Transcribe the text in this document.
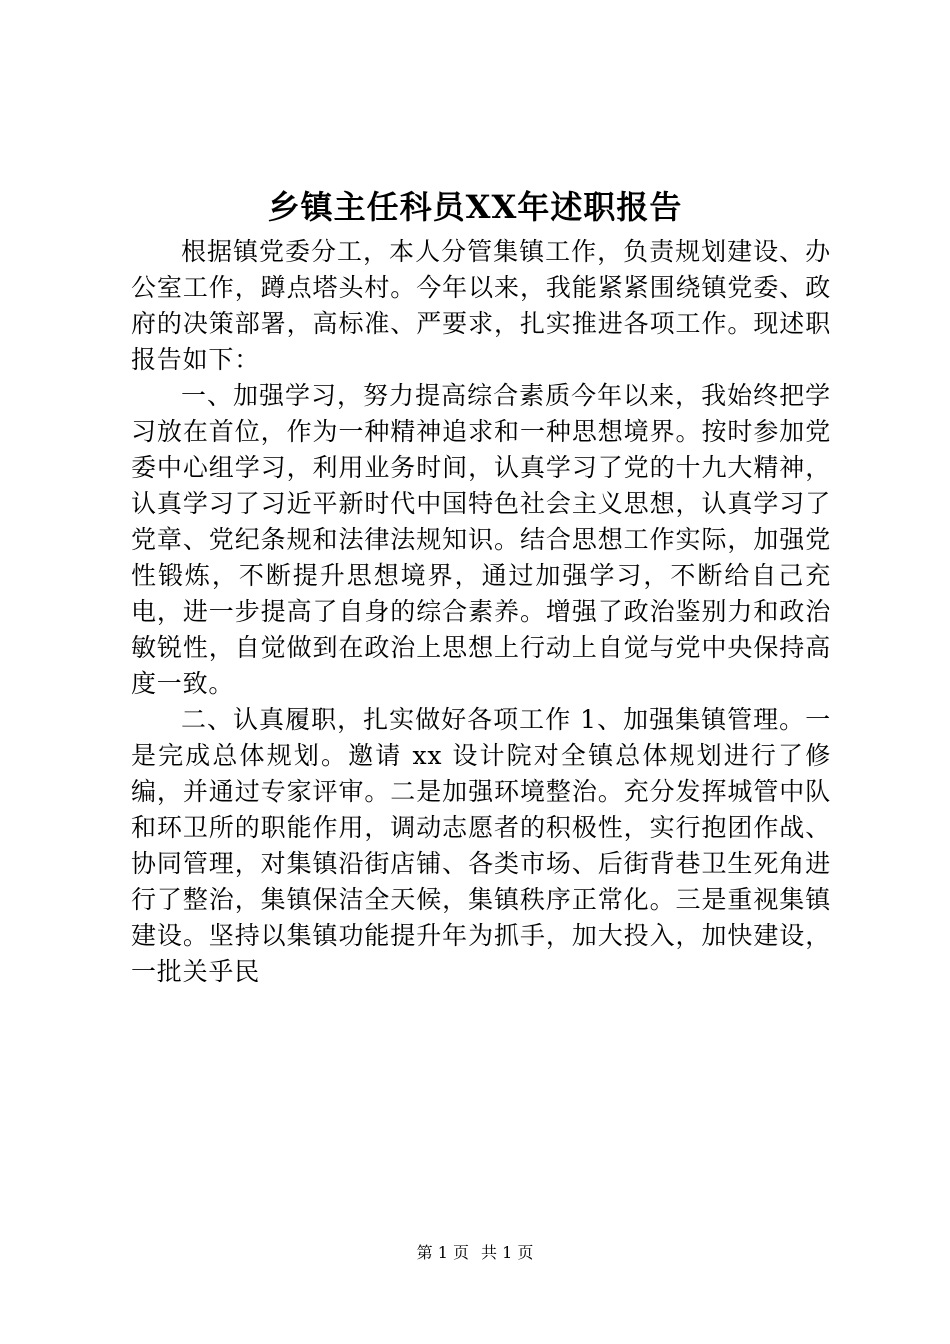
乡镇主任科员XX年述职报告

根据镇党委分工，本人分管集镇工作，负责规划建设、办公室工作，蹲点塔头村。今年以来，我能紧紧围绕镇党委、政府的决策部署，高标准、严要求，扎实推进各项工作。现述职报告如下：

一、加强学习，努力提高综合素质今年以来，我始终把学习放在首位，作为一种精神追求和一种思想境界。按时参加党委中心组学习，利用业务时间，认真学习了党的十九大精神，认真学习了习近平新时代中国特色社会主义思想，认真学习了党章、党纪条规和法律法规知识。结合思想工作实际，加强党性锻炼，不断提升思想境界，通过加强学习，不断给自己充电，进一步提高了自身的综合素养。增强了政治鉴别力和政治敏锐性，自觉做到在政治上思想上行动上自觉与党中央保持高度一致。

二、认真履职，扎实做好各项工作 1、加强集镇管理。一是完成总体规划。邀请 xx 设计院对全镇总体规划进行了修编，并通过专家评审。二是加强环境整治。充分发挥城管中队和环卫所的职能作用，调动志愿者的积极性，实行抱团作战、协同管理，对集镇沿街店铺、各类市场、后街背巷卫生死角进行了整治，集镇保洁全天候，集镇秩序正常化。三是重视集镇建设。坚持以集镇功能提升年为抓手，加大投入，加快建设，一批关乎民

第 1 页 共 1 页
